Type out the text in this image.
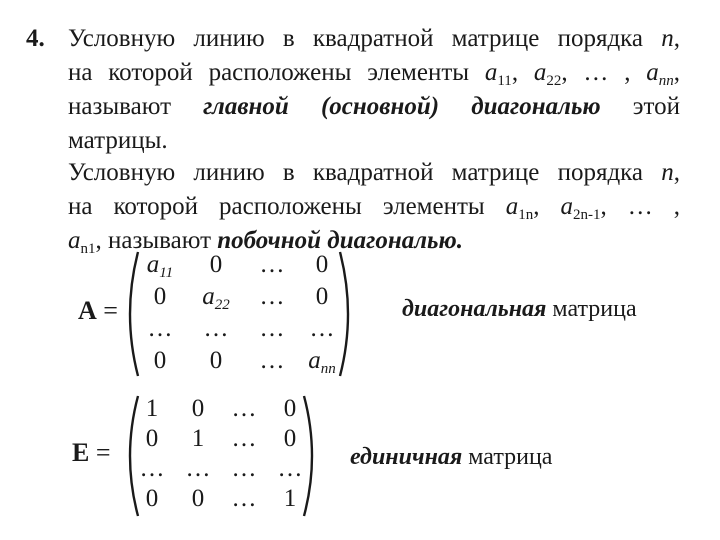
4. Условную линию в квадратной матрице порядка n,
на которой расположены элементы $a_{11}$, $a_{22}$, … , $a_{nn}$,
называют главной (основной) диагональю этой
матрицы.
Условную линию в квадратной матрице порядка n,
на которой расположены элементы $a_{1n}$, $a_{2n-1}$, … ,
$a_{n1}$, называют побочной диагональю.
A =
$a_{11}$	0	…	0
0	$a_{22}$	…	0
…	…	…	…
0	0	… $a_{nn}$
диагональная матрица
E =
1	0	…	0
0	1	…	0
… … … …
0	0	…	1
единичная матрица
